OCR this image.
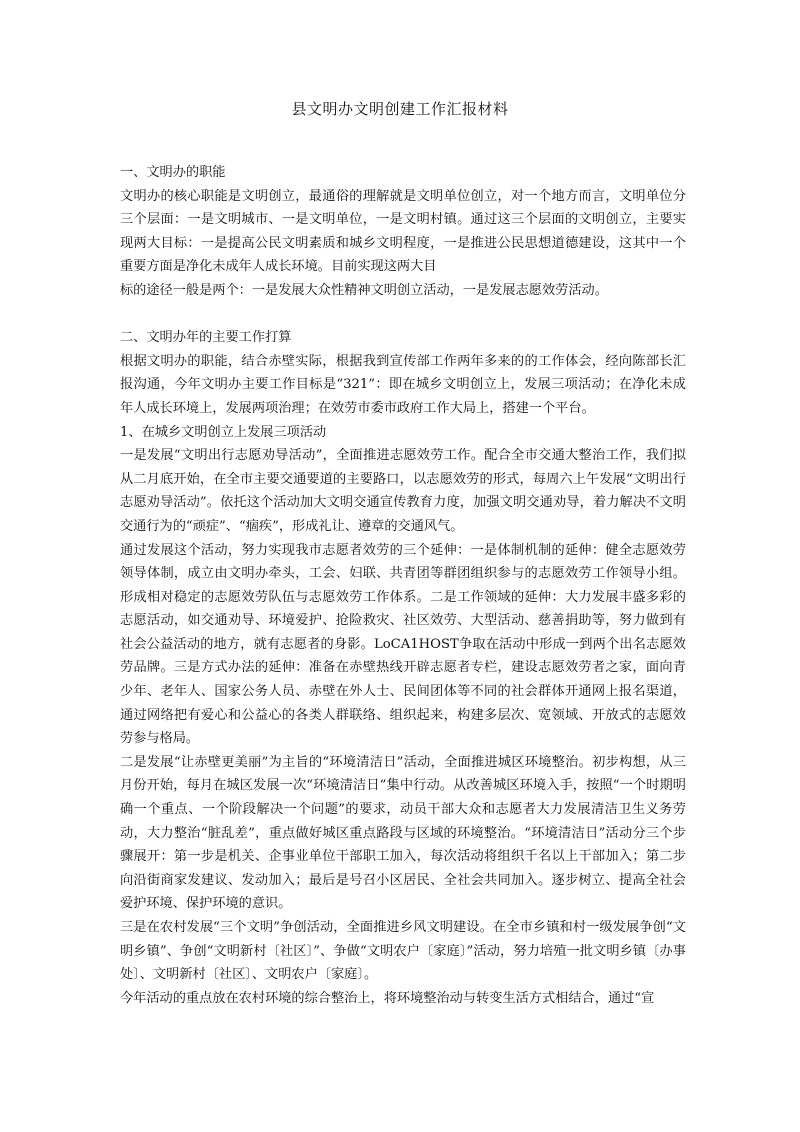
县文明办文明创建工作汇报材料

一、文明办的职能

文明办的核心职能是文明创立，最通俗的理解就是文明单位创立，对一个地方而言，文明单位分三个层面：一是文明城市、一是文明单位，一是文明村镇。通过这三个层面的文明创立，主要实现两大目标：一是提高公民文明素质和城乡文明程度，一是推进公民思想道德建设，这其中一个重要方面是净化未成年人成长环境。目前实现这两大目

标的途径一般是两个：一是发展大众性精神文明创立活动，一是发展志愿效劳活动。

二、文明办年的主要工作打算

根据文明办的职能，结合赤壁实际，根据我到宣传部工作两年多来的的工作体会，经向陈部长汇报沟通，今年文明办主要工作目标是“321”：即在城乡文明创立上，发展三项活动；在净化未成年人成长环境上，发展两项治理；在效劳市委市政府工作大局上，搭建一个平台。

1、在城乡文明创立上发展三项活动

一是发展“文明出行志愿劝导活动”，全面推进志愿效劳工作。配合全市交通大整治工作，我们拟从二月底开始，在全市主要交通要道的主要路口，以志愿效劳的形式，每周六上午发展“文明出行志愿劝导活动”。依托这个活动加大文明交通宣传教育力度，加强文明交通劝导，着力解决不文明交通行为的“顽症”、“痼疾”，形成礼让、遵章的交通风气。

通过发展这个活动，努力实现我市志愿者效劳的三个延伸：一是体制机制的延伸：健全志愿效劳领导体制，成立由文明办牵头，工会、妇联、共青团等群团组织参与的志愿效劳工作领导小组。形成相对稳定的志愿效劳队伍与志愿效劳工作体系。二是工作领域的延伸：大力发展丰盛多彩的志愿活动，如交通劝导、环境爱护、抢险救灾、社区效劳、大型活动、慈善捐助等，努力做到有社会公益活动的地方，就有志愿者的身影。LoCA1HOST争取在活动中形成一到两个出名志愿效劳品牌。三是方式办法的延伸：准备在赤壁热线开辟志愿者专栏，建设志愿效劳者之家，面向青少年、老年人、国家公务人员、赤壁在外人士、民间团体等不同的社会群体开通网上报名渠道，通过网络把有爱心和公益心的各类人群联络、组织起来，构建多层次、宽领域、开放式的志愿效劳参与格局。

二是发展“让赤壁更美丽”为主旨的“环境清洁日”活动，全面推进城区环境整治。初步构想，从三月份开始，每月在城区发展一次“环境清洁日”集中行动。从改善城区环境入手，按照“一个时期明确一个重点、一个阶段解决一个问题”的要求，动员干部大众和志愿者大力发展清洁卫生义务劳动，大力整治“脏乱差”，重点做好城区重点路段与区域的环境整治。“环境清洁日”活动分三个步骤展开：第一步是机关、企事业单位干部职工加入，每次活动将组织千名以上干部加入；第二步向沿街商家发建议、发动加入；最后是号召小区居民、全社会共同加入。逐步树立、提高全社会爱护环境、保护环境的意识。

三是在农村发展“三个文明”争创活动，全面推进乡风文明建设。在全市乡镇和村一级发展争创“文明乡镇”、争创“文明新村〔社区〕”、争做“文明农户〔家庭〕”活动，努力培殖一批文明乡镇〔办事处〕、文明新村〔社区〕、文明农户〔家庭〕。

今年活动的重点放在农村环境的综合整治上，将环境整治动与转变生活方式相结合，通过“宣
